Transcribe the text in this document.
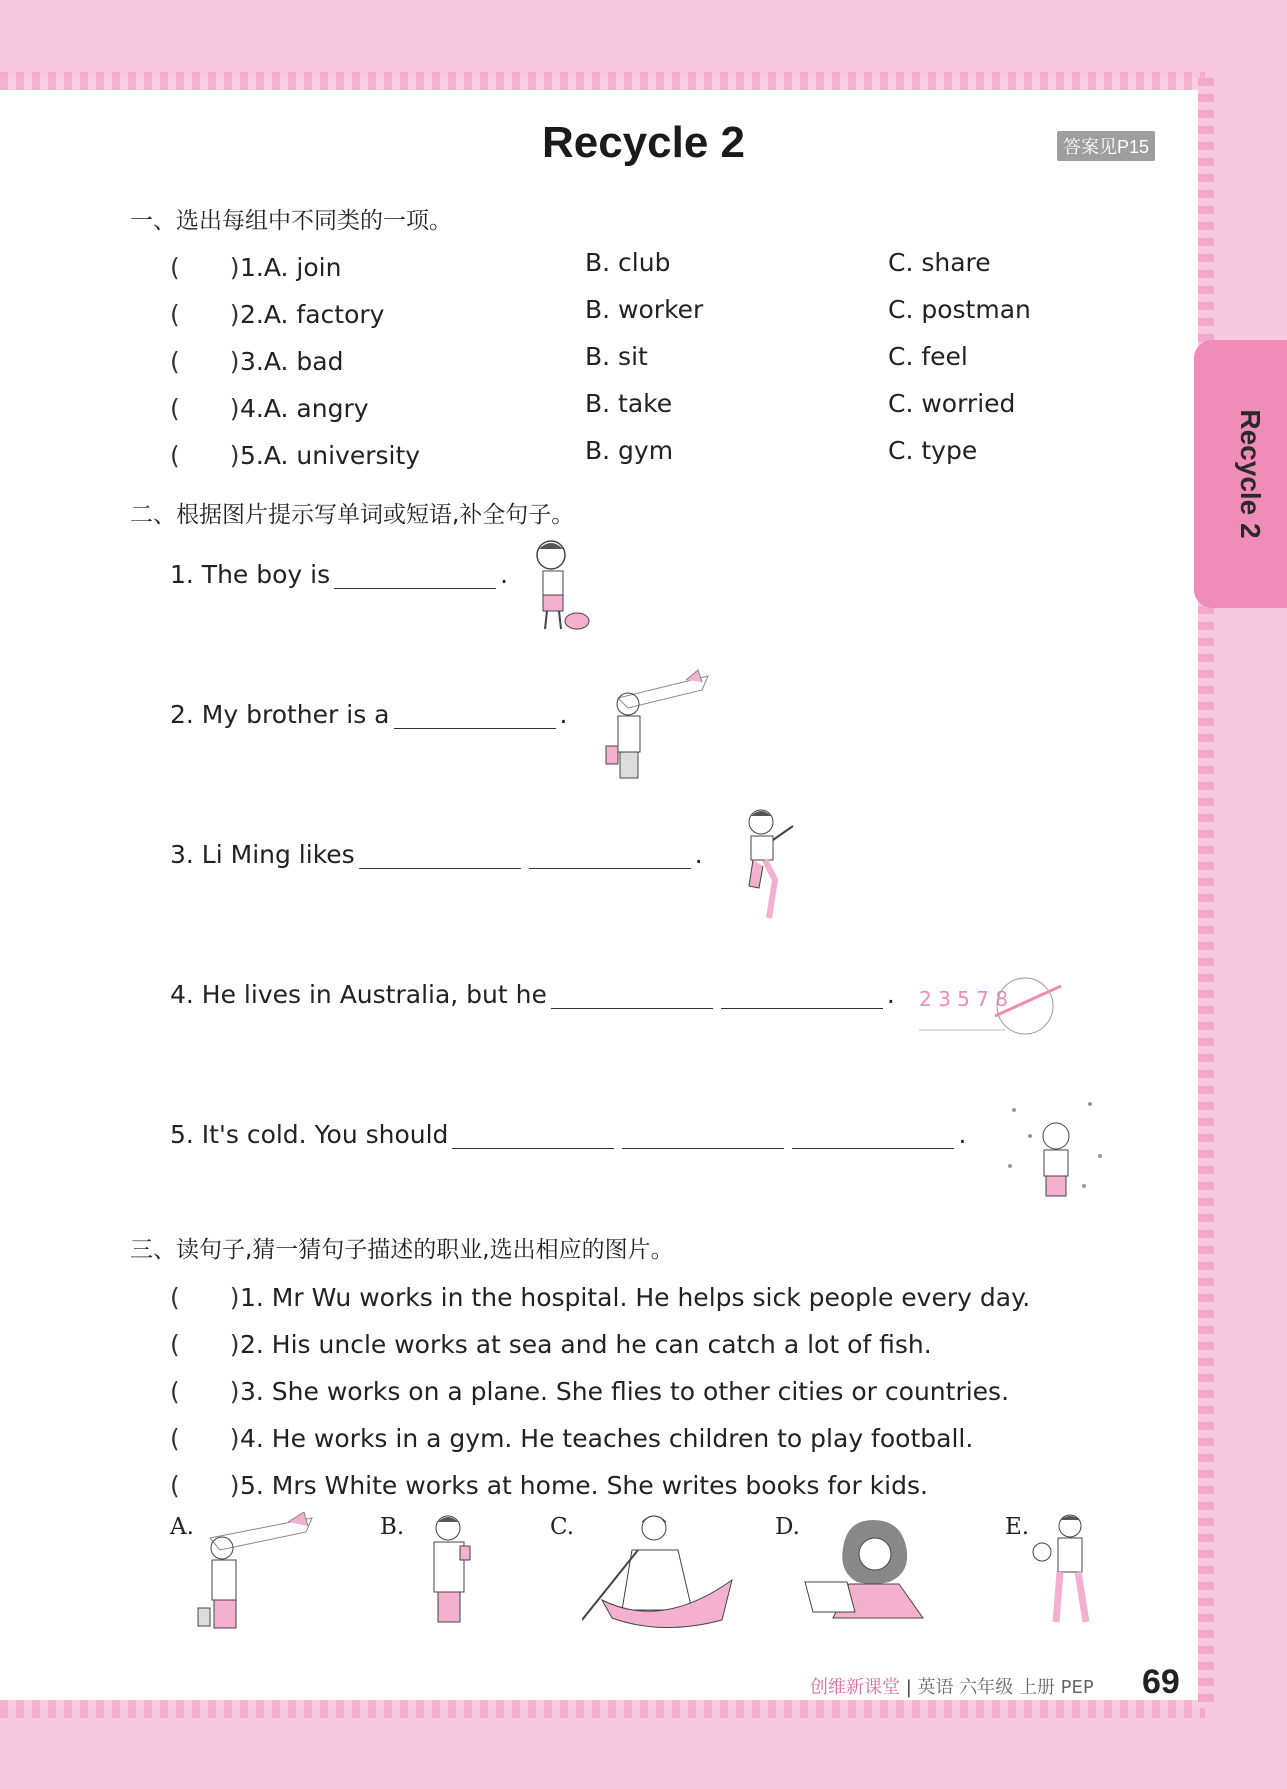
Recycle 2	答案见P15
Recycle 2
一、选出每组中不同类的一项。
(　　)1.A. join	B. club	C. share
(　　)2.A. factory	B. worker	C. postman
(　　)3.A. bad	B. sit	C. feel
(　　)4.A. angry	B. take	C. worried
(　　)5.A. university	B. gym	C. type
二、根据图片提示写单词或短语,补全句子。
1. The boy is	.
2. My brother is a	.
3. Li Ming likes	.
4. He lives in Australia, but he	. 2 3 5 7 8
5. It's cold. You should	.
三、读句子,猜一猜句子描述的职业,选出相应的图片。
(　　)1. Mr Wu works in the hospital. He helps sick people every day.
(　　)2. His uncle works at sea and he can catch a lot of fish.
(　　)3. She works on a plane. She flies to other cities or countries.
(　　)4. He works in a gym. He teaches children to play football.
(　　)5. Mrs White works at home. She writes books for kids.
A.	B.	C.	D.	E.
创维新课堂 | 英语 六年级 上册 PEP 69
